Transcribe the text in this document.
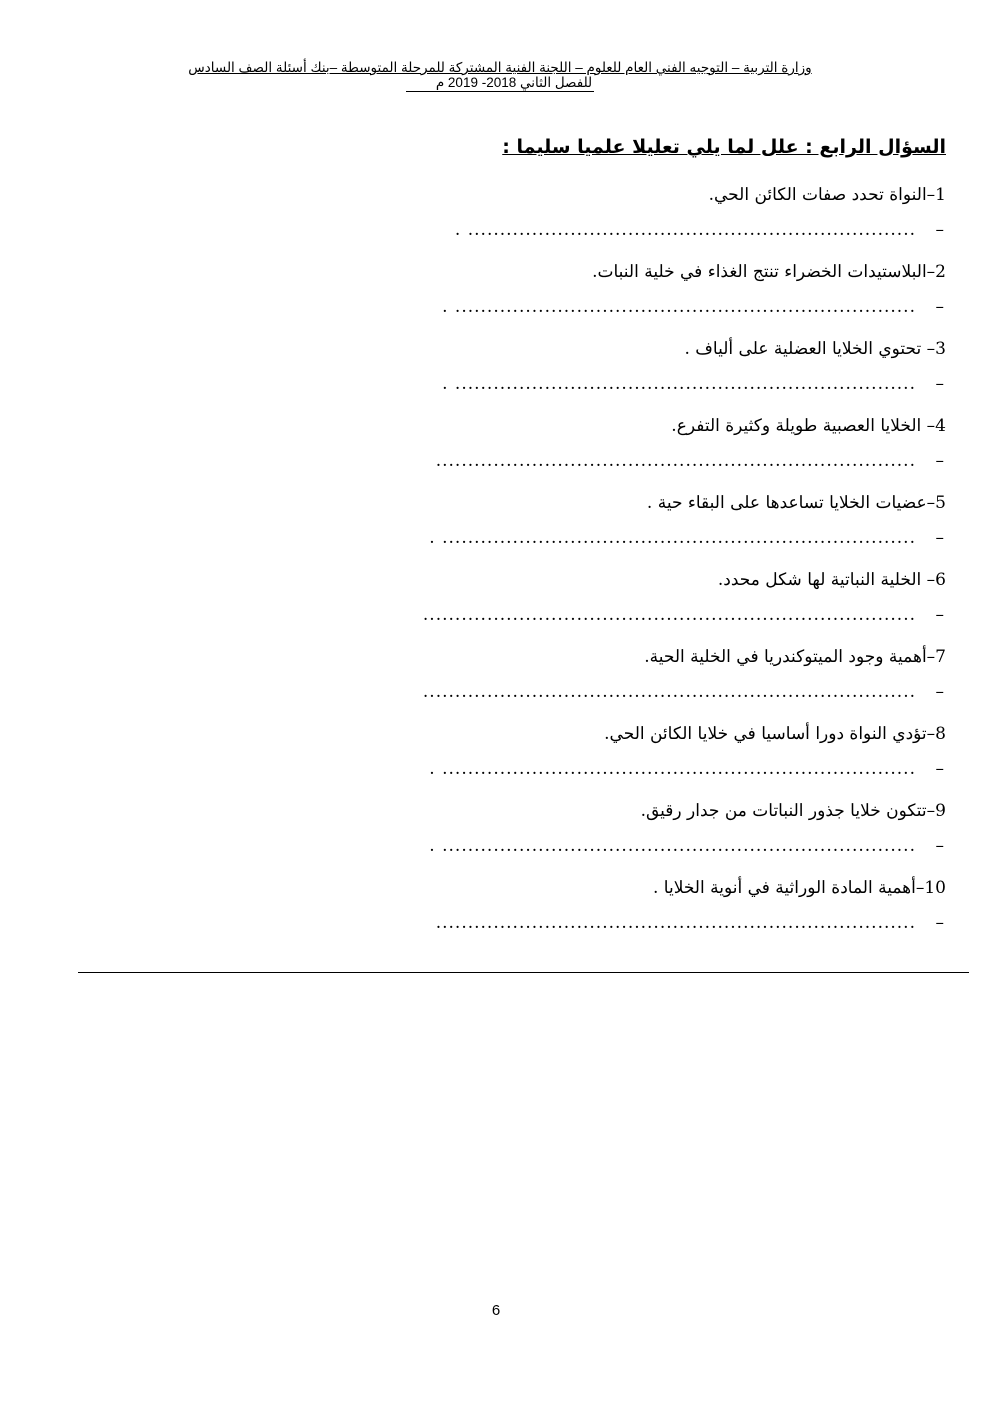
وزارة التربية – التوجيه الفني العام للعلوم – اللجنة الفنية المشتركة للمرحلة المتوسطة –بنك أسئلة الصف السادس
للفصل الثاني 2018- 2019 م
السؤال الرابع : علل لما يلي تعليلا علميا سليما :
1–النواة تحدد صفات الكائن الحي.
–
. ......................................................................
2–البلاستيدات الخضراء تنتج الغذاء في خلية النبات.
–
. ........................................................................
3– تحتوي الخلايا العضلية على ألياف .
–
. ........................................................................
4– الخلايا العصبية طويلة وكثيرة التفرع.
–
...........................................................................
5–عضيات الخلايا تساعدها على البقاء حية .
–
. ..........................................................................
6– الخلية النباتية لها شكل محدد.
–
.............................................................................
7–أهمية وجود الميتوكندريا في الخلية الحية.
–
.............................................................................
8–تؤدي النواة دورا أساسيا في خلايا الكائن الحي.
–
. ..........................................................................
9–تتكون خلايا جذور النباتات من جدار رقيق.
–
. ..........................................................................
10–أهمية المادة الوراثية في أنوية الخلايا .
–
...........................................................................
6
